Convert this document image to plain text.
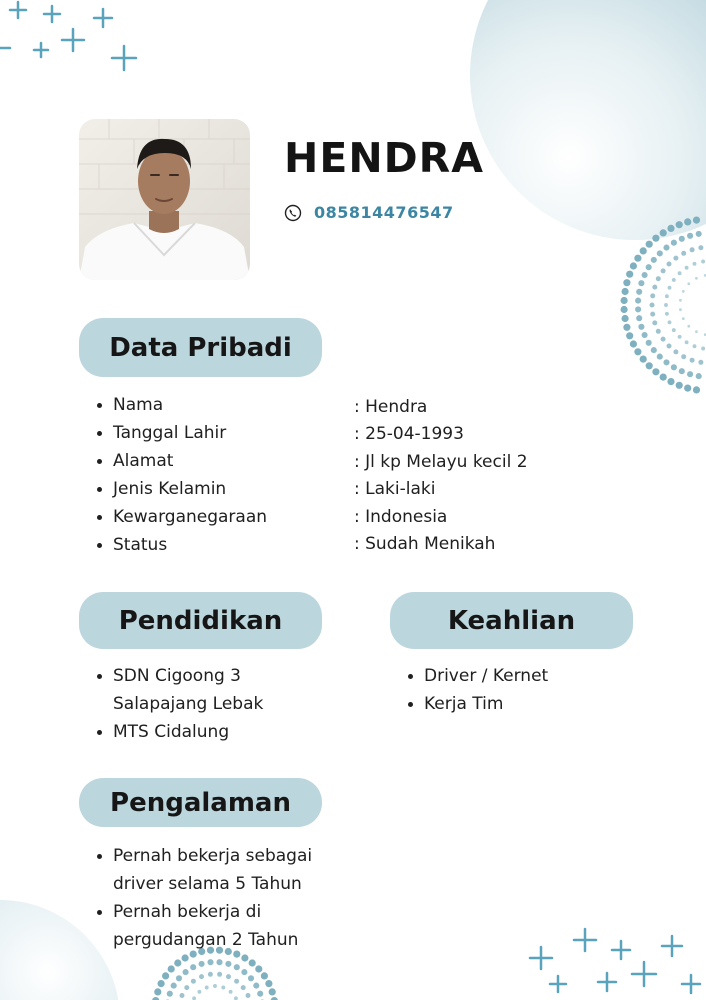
HENDRA
085814476547
Data Pribadi
Nama
Tanggal Lahir
Alamat
Jenis Kelamin
Kewarganegaraan
Status
: Hendra
: 25-04-1993
: Jl kp Melayu kecil 2
: Laki-laki
: Indonesia
: Sudah Menikah
Pendidikan
SDN Cigoong 3 Salapajang Lebak
MTS Cidalung
Keahlian
Driver / Kernet
Kerja Tim
Pengalaman
Pernah bekerja sebagai driver selama 5 Tahun
Pernah bekerja di pergudangan 2 Tahun
